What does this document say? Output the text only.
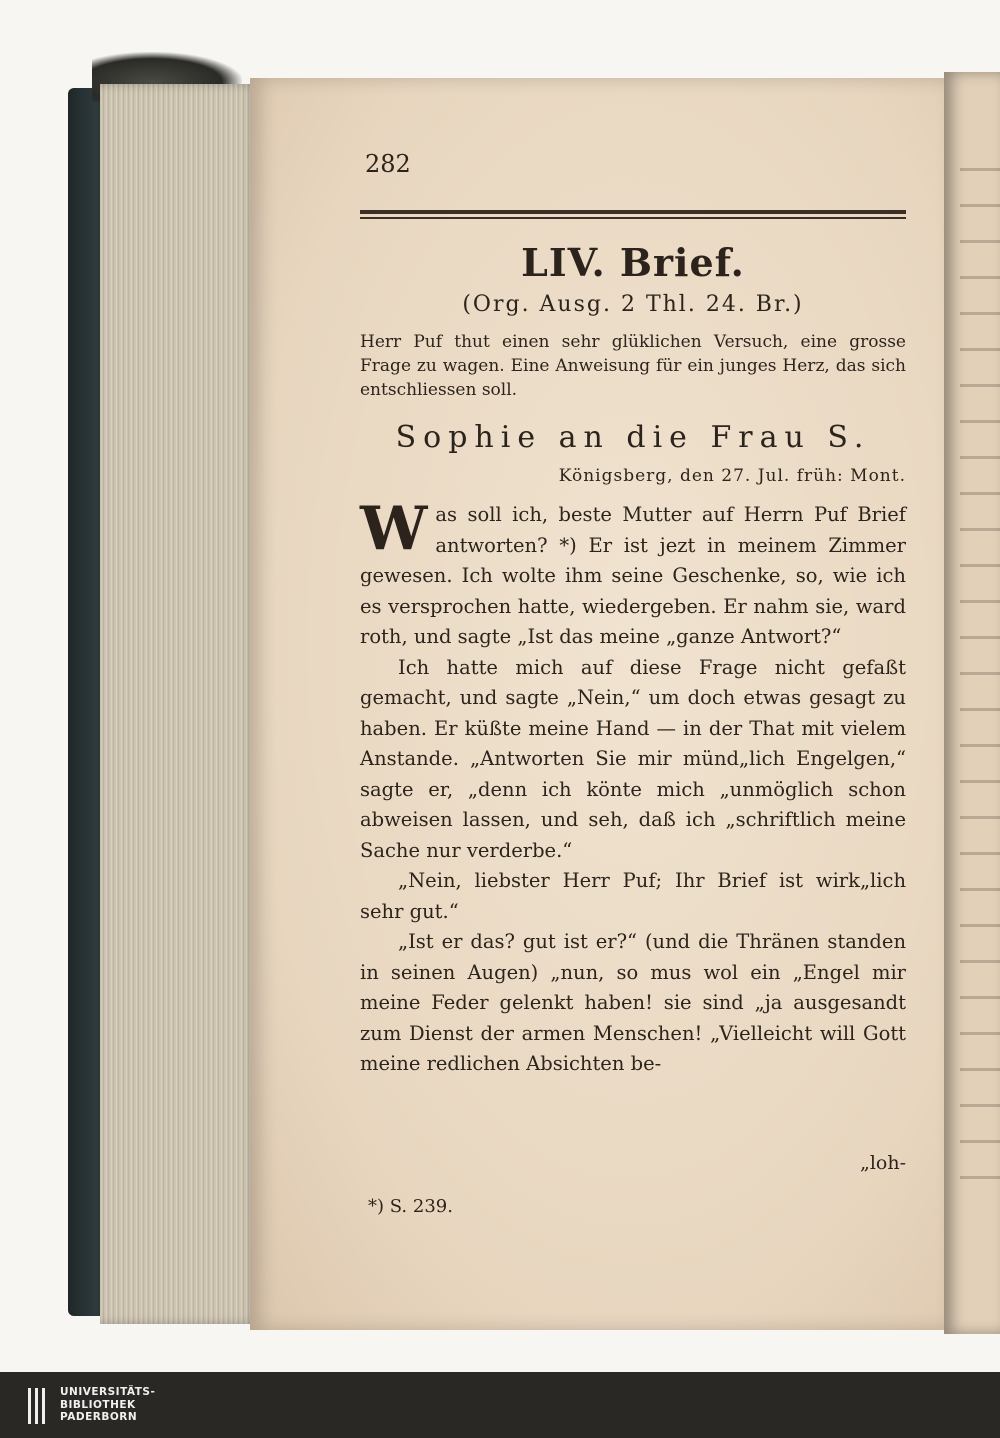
282
LIV. Brief.
(Org. Ausg. 2 Thl. 24. Br.)
Herr Puf thut einen sehr glüklichen Versuch, eine grosse Frage zu wagen. Eine Anweisung für ein junges Herz, das sich entschliessen soll.
Sophie an die Frau S.
Königsberg, den 27. Jul. früh: Mont.

Was soll ich, beste Mutter auf Herrn Puf Brief antworten? *) Er ist jezt in meinem Zimmer gewesen. Ich wolte ihm seine Geschenke, so, wie ich es versprochen hatte, wiedergeben. Er nahm sie, ward roth, und sagte „Ist das meine „ganze Antwort?“

Ich hatte mich auf diese Frage nicht gefaßt gemacht, und sagte „Nein,“ um doch etwas gesagt zu haben. Er küßte meine Hand — in der That mit vielem Anstande. „Antworten Sie mir münd„lich Engelgen,“ sagte er, „denn ich könte mich „unmöglich schon abweisen lassen, und seh, daß ich „schriftlich meine Sache nur verderbe.“

„Nein, liebster Herr Puf; Ihr Brief ist wirk„lich sehr gut.“

„Ist er das? gut ist er?“ (und die Thränen standen in seinen Augen) „nun, so mus wol ein „Engel mir meine Feder gelenkt haben! sie sind „ja ausgesandt zum Dienst der armen Menschen! „Vielleicht will Gott meine redlichen Absichten be-

„loh-
*) S. 239.
UNIVERSITÄTS-
BIBLIOTHEK
PADERBORN
